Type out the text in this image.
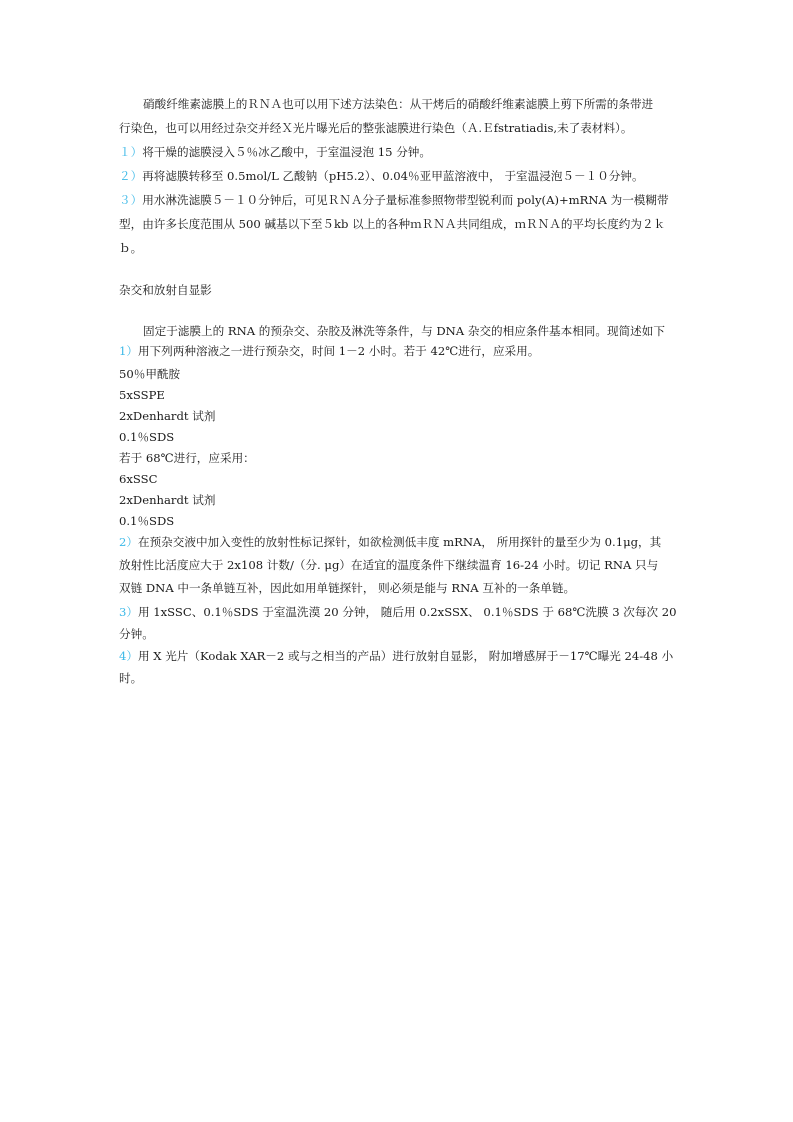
硝酸纤维素滤膜上的ＲＮＡ也可以用下述方法染色：从干烤后的硝酸纤维素滤膜上剪下所需的条带进
行染色，也可以用经过杂交并经Ｘ光片曝光后的整张滤膜进行染色（Ａ.Ｅfstratiadis,未了表材料）。
１）将干燥的滤膜浸入５％冰乙酸中，于室温浸泡 15 分钟。
２）再将滤膜转移至 0.5mol/L 乙酸钠（pH5.2）、0.04％亚甲蓝溶液中， 于室温浸泡５－１０分钟。
３）用水淋洗滤膜５－１０分钟后，可见ＲＮＡ分子量标准参照物带型锐利而 poly(A)+mRNA 为一模糊带
型，由许多长度范围从 500 碱基以下至５kb 以上的各种ｍＲＮＡ共同组成，ｍＲＮＡ的平均长度约为２ｋ
ｂ。
杂交和放射自显影
固定于滤膜上的 RNA 的预杂交、杂胶及淋洗等条件，与 DNA 杂交的相应条件基本相同。现简述如下
1）用下列两种溶液之一进行预杂交，时间 1－2 小时。若于 42℃进行，应采用。
50％甲酰胺
5xSSPE
2xDenhardt 试剂
0.1％SDS
若于 68℃进行，应采用：
6xSSC
2xDenhardt 试剂
0.1％SDS
2）在预杂交液中加入变性的放射性标记探针，如欲检测低丰度 mRNA， 所用探针的量至少为 0.1μg，其
放射性比活度应大于 2x108 计数/（分. μg）在适宜的温度条件下继续温育 16-24 小时。切记 RNA 只与
双链 DNA 中一条单链互补，因此如用单链探针， 则必须是能与 RNA 互补的一条单链。
3）用 1xSSC、0.1％SDS 于室温洗漠 20 分钟， 随后用 0.2xSSX、 0.1％SDS 于 68℃洗膜 3 次每次 20
分钟。
4）用 X 光片（Kodak XAR－2 或与之相当的产品）进行放射自显影， 附加增感屏于－17℃曝光 24-48 小
时。
